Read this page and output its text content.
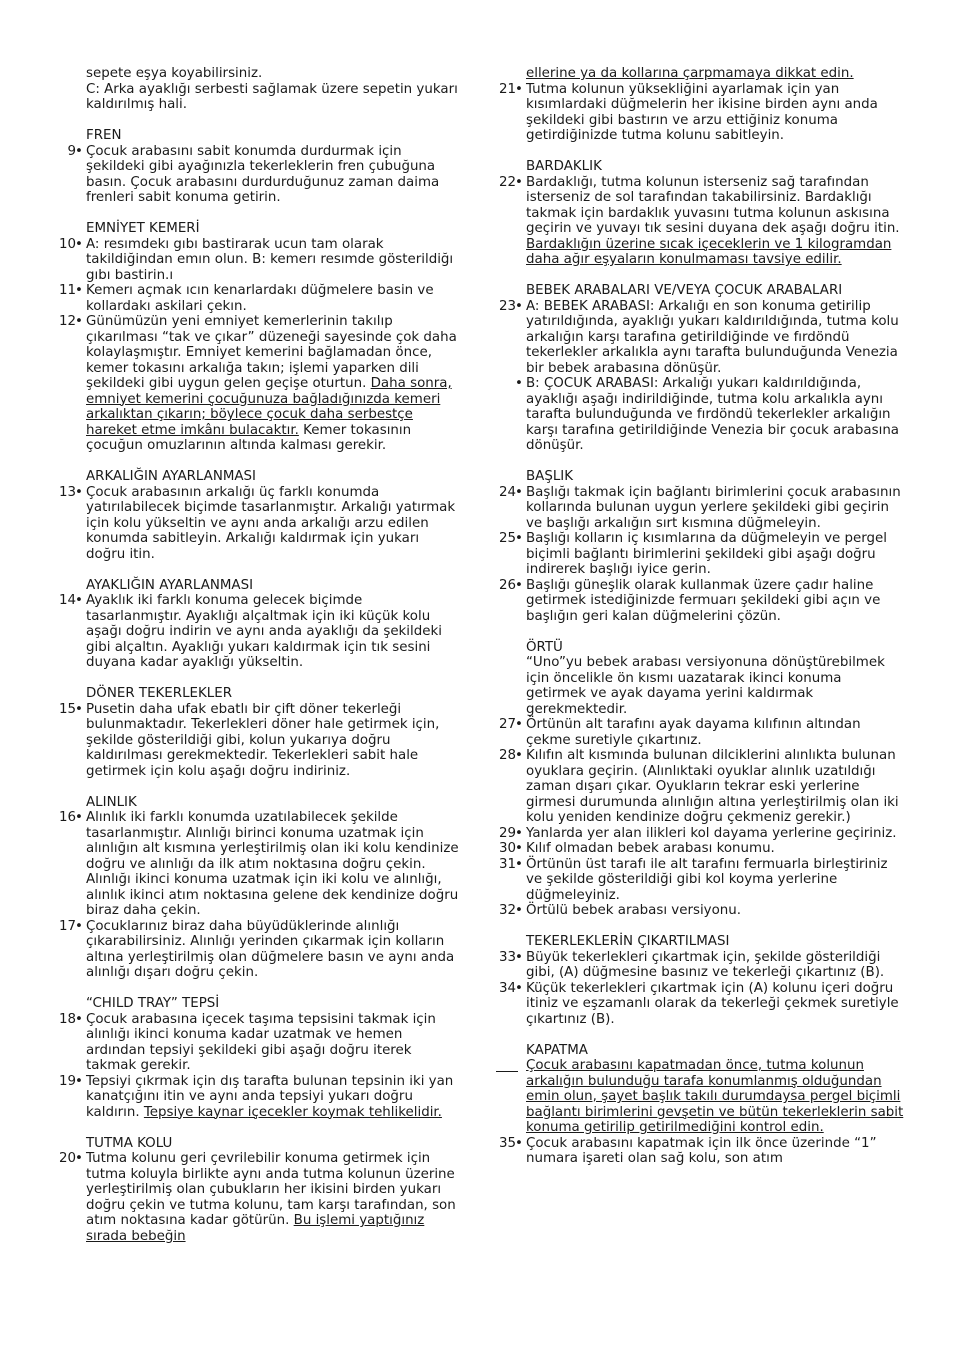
sepete eşya koyabilirsiniz.

C: Arka ayaklığı serbesti sağlamak üzere sepetin yukarı kaldırılmış hali.

FREN
9 • Çocuk arabasını sabit konumda durdurmak için şekildeki gibi ayağınızla tekerleklerin fren çubuğuna basın. Çocuk arabasını durdurduğunuz zaman daima frenleri sabit konuma getirin.
EMNİYET KEMERİ
10 • A: resımdekı gıbı bastirarak ucun tam olarak takildiğindan emın olun. B: kemerı resımde gösterildiğı gıbı bastirin.ı
11 • Kemerı açmak ıcın kenarlardakı düğmelere basin ve kollardakı askilari çekın.
12 • Günümüzün yeni emniyet kemerlerinin takılıp çıkarılması “tak ve çıkar” düzeneği sayesinde çok daha kolaylaşmıştır. Emniyet kemerini bağlamadan önce, kemer tokasını arkalığa takın; işlemi yaparken dili şekildeki gibi uygun gelen geçişe oturtun. Daha sonra, emniyet kemerini çocuğunuza bağladığınızda kemeri arkalıktan çıkarın; böylece çocuk daha serbestçe hareket etme imkânı bulacaktır. Kemer tokasının çocuğun omuzlarının altında kalması gerekir.
ARKALIĞIN AYARLANMASI
13 • Çocuk arabasının arkalığı üç farklı konumda yatırılabilecek biçimde tasarlanmıştır. Arkalığı yatırmak için kolu yükseltin ve aynı anda arkalığı arzu edilen konumda sabitleyin. Arkalığı kaldırmak için yukarı doğru itin.
AYAKLIĞIN AYARLANMASI
14 • Ayaklık iki farklı konuma gelecek biçimde tasarlanmıştır. Ayaklığı alçaltmak için iki küçük kolu aşağı doğru indirin ve aynı anda ayaklığı da şekildeki gibi alçaltın. Ayaklığı yukarı kaldırmak için tık sesini duyana kadar ayaklığı yükseltin.
DÖNER TEKERLEKLER
15 • Pusetin daha ufak ebatlı bir çift döner tekerleği bulunmaktadır. Tekerlekleri döner hale getirmek için, şekilde gösterildiği gibi, kolun yukarıya doğru kaldırılması gerekmektedir. Tekerlekleri sabit hale getirmek için kolu aşağı doğru indiriniz.
ALINLIK
16 • Alınlık iki farklı konumda uzatılabilecek şekilde tasarlanmıştır. Alınlığı birinci konuma uzatmak için alınlığın alt kısmına yerleştirilmiş olan iki kolu kendinize doğru ve alınlığı da ilk atım noktasına doğru çekin. Alınlığı ikinci konuma uzatmak için iki kolu ve alınlığı, alınlık ikinci atım noktasına gelene dek kendinize doğru biraz daha çekin.
17 • Çocuklarınız biraz daha büyüdüklerinde alınlığı çıkarabilirsiniz. Alınlığı yerinden çıkarmak için kolların altına yerleştirilmiş olan düğmelere basın ve aynı anda alınlığı dışarı doğru çekin.
“CHILD TRAY” TEPSİ
18 • Çocuk arabasına içecek taşıma tepsisini takmak için alınlığı ikinci konuma kadar uzatmak ve hemen ardından tepsiyi şekildeki gibi aşağı doğru iterek takmak gerekir.
19 • Tepsiyi çıkrmak için dış tarafta bulunan tepsinin iki yan kanatçığını itin ve aynı anda tepsiyi yukarı doğru kaldırın. Tepsiye kaynar içecekler koymak tehlikelidir.
TUTMA KOLU
20 • Tutma kolunu geri çevrilebilir konuma getirmek için tutma koluyla birlikte aynı anda tutma kolunun üzerine yerleştirilmiş olan çubukların her ikisini birden yukarı doğru çekin ve tutma kolunu, tam karşı tarafından, son atım noktasına kadar götürün. Bu işlemi yaptığınız sırada bebeğin
ellerine ya da kollarına çarpmamaya dikkat edin.
21 • Tutma kolunun yüksekliğini ayarlamak için yan kısımlardaki düğmelerin her ikisine birden aynı anda şekildeki gibi bastırın ve arzu ettiğiniz konuma getirdiğinizde tutma kolunu sabitleyin.
BARDAKLIK
22 • Bardaklığı, tutma kolunun isterseniz sağ tarafından isterseniz de sol tarafından takabilirsiniz. Bardaklığı takmak için bardaklık yuvasını tutma kolunun askısına geçirin ve yuvayı tık sesini duyana dek aşağı doğru itin. Bardaklığın üzerine sıcak içeceklerin ve 1 kilogramdan daha ağır eşyaların konulmaması tavsiye edilir.
BEBEK ARABALARI VE/VEYA ÇOCUK ARABALARI
23 • A: BEBEK ARABASI: Arkalığı en son konuma getirilip yatırıldığında, ayaklığı yukarı kaldırıldığında, tutma kolu arkalığın karşı tarafına getirildiğinde ve fırdöndü tekerlekler arkalıkla aynı tarafta bulunduğunda Venezia bir bebek arabasına dönüşür.
• B: ÇOCUK ARABASI: Arkalığı yukarı kaldırıldığında, ayaklığı aşağı indirildiğinde, tutma kolu arkalıkla aynı tarafta bulunduğunda ve fırdöndü tekerlekler arkalığın karşı tarafına getirildiğinde Venezia bir çocuk arabasına dönüşür.
BAŞLIK
24 • Başlığı takmak için bağlantı birimlerini çocuk arabasının kollarında bulunan uygun yerlere şekildeki gibi geçirin ve başlığı arkalığın sırt kısmına düğmeleyin.
25 • Başlığı kolların iç kısımlarına da düğmeleyin ve pergel biçimli bağlantı birimlerini şekildeki gibi aşağı doğru indirerek başlığı iyice gerin.
26 • Başlığı güneşlik olarak kullanmak üzere çadır haline getirmek istediğinizde fermuarı şekildeki gibi açın ve başlığın geri kalan düğmelerini çözün.
ÖRTÜ
“Uno”yu bebek arabası versiyonuna dönüştürebilmek için öncelikle ön kısmı uazatarak ikinci konuma getirmek ve ayak dayama yerini kaldırmak gerekmektedir.
27 • Örtünün alt tarafını ayak dayama kılıfının altından çekme suretiyle çıkartınız.
28 • Kılıfın alt kısmında bulunan dilciklerini alınlıkta bulunan oyuklara geçirin. (Alınlıktaki oyuklar alınlık uzatıldığı zaman dışarı çıkar. Oyukların tekrar eski yerlerine girmesi durumunda alınlığın altına yerleştirilmiş olan iki kolu yeniden kendinize doğru çekmeniz gerekir.)
29 • Yanlarda yer alan ilikleri kol dayama yerlerine geçiriniz.
30 • Kılıf olmadan bebek arabası konumu.
31 • Örtünün üst tarafı ile alt tarafını fermuarla birleştiriniz ve şekilde gösterildiği gibi kol koyma yerlerine düğmeleyiniz.
32 • Örtülü bebek arabası versiyonu.
TEKERLEKLERİN ÇIKARTILMASI
33 • Büyük tekerlekleri çıkartmak için, şekilde gösterildiği gibi, (A) düğmesine basınız ve tekerleği çıkartınız (B).
34 • Küçük tekerlekleri çıkartmak için (A) kolunu içeri doğru itiniz ve eşzamanlı olarak da tekerleği çekmek suretiyle çıkartınız (B).
KAPATMA
Çocuk arabasını kapatmadan önce, tutma kolunun arkalığın bulunduğu tarafa konumlanmış olduğundan emin olun, şayet başlık takılı durumdaysa pergel biçimli bağlantı birimlerini gevşetin ve bütün tekerleklerin sabit konuma getirilip getirilmediğini kontrol edin.
35 • Çocuk arabasını kapatmak için ilk önce üzerinde “1” numara işareti olan sağ kolu, son atım
